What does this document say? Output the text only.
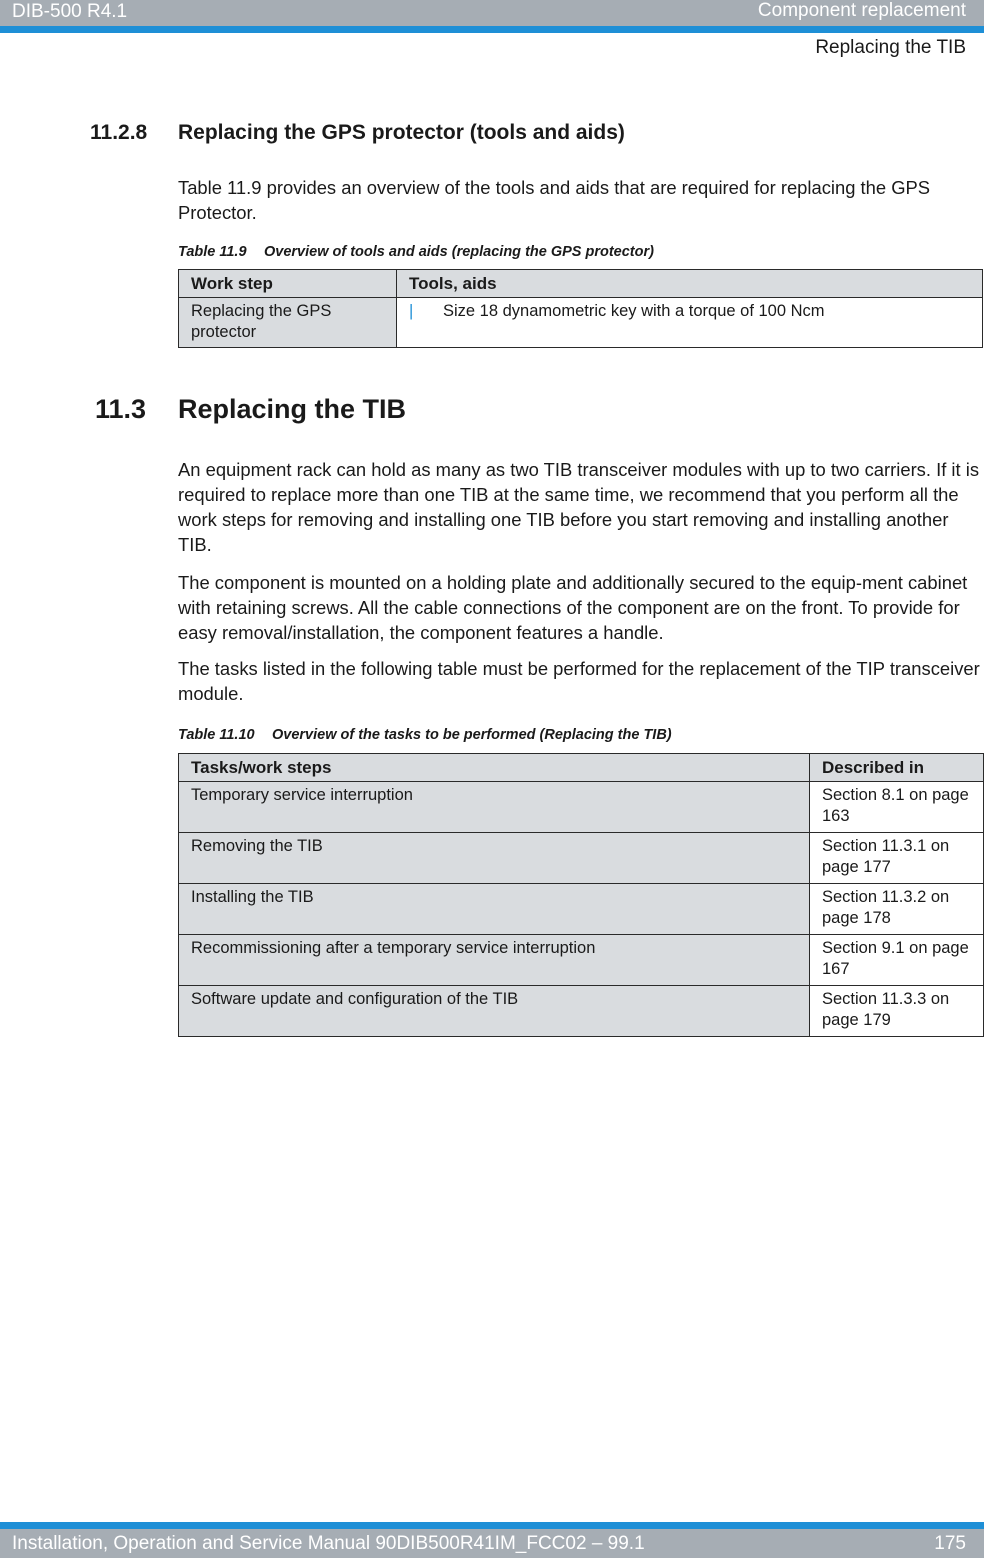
DIB-500 R4.1	Component replacement
Replacing the TIB
11.2.8 Replacing the GPS protector (tools and aids)

Table 11.9 provides an overview of the tools and aids that are required for replacing the GPS Protector.

Table 11.9 Overview of tools and aids (replacing the GPS protector)
Work step	Tools, aids
Replacing the GPS protector	| Size 18 dynamometric key with a torque of 100 Ncm
11.3 Replacing the TIB

An equipment rack can hold as many as two TIB transceiver modules with up to two carriers. If it is required to replace more than one TIB at the same time, we recommend that you perform all the work steps for removing and installing one TIB before you start removing and installing another TIB.

The component is mounted on a holding plate and additionally secured to the equip-ment cabinet with retaining screws. All the cable connections of the component are on the front. To provide for easy removal/installation, the component features a handle.

The tasks listed in the following table must be performed for the replacement of the TIP transceiver module.

Table 11.10 Overview of the tasks to be performed (Replacing the TIB)
Tasks/work steps	Described in
Temporary service interruption	Section 8.1 on page 163
Removing the TIB	Section 11.3.1 on page 177
Installing the TIB	Section 11.3.2 on page 178
Recommissioning after a temporary service interruption	Section 9.1 on page 167
Software update and configuration of the TIB	Section 11.3.3 on page 179
Installation, Operation and Service Manual 90DIB500R41IM_FCC02 – 99.1	175
